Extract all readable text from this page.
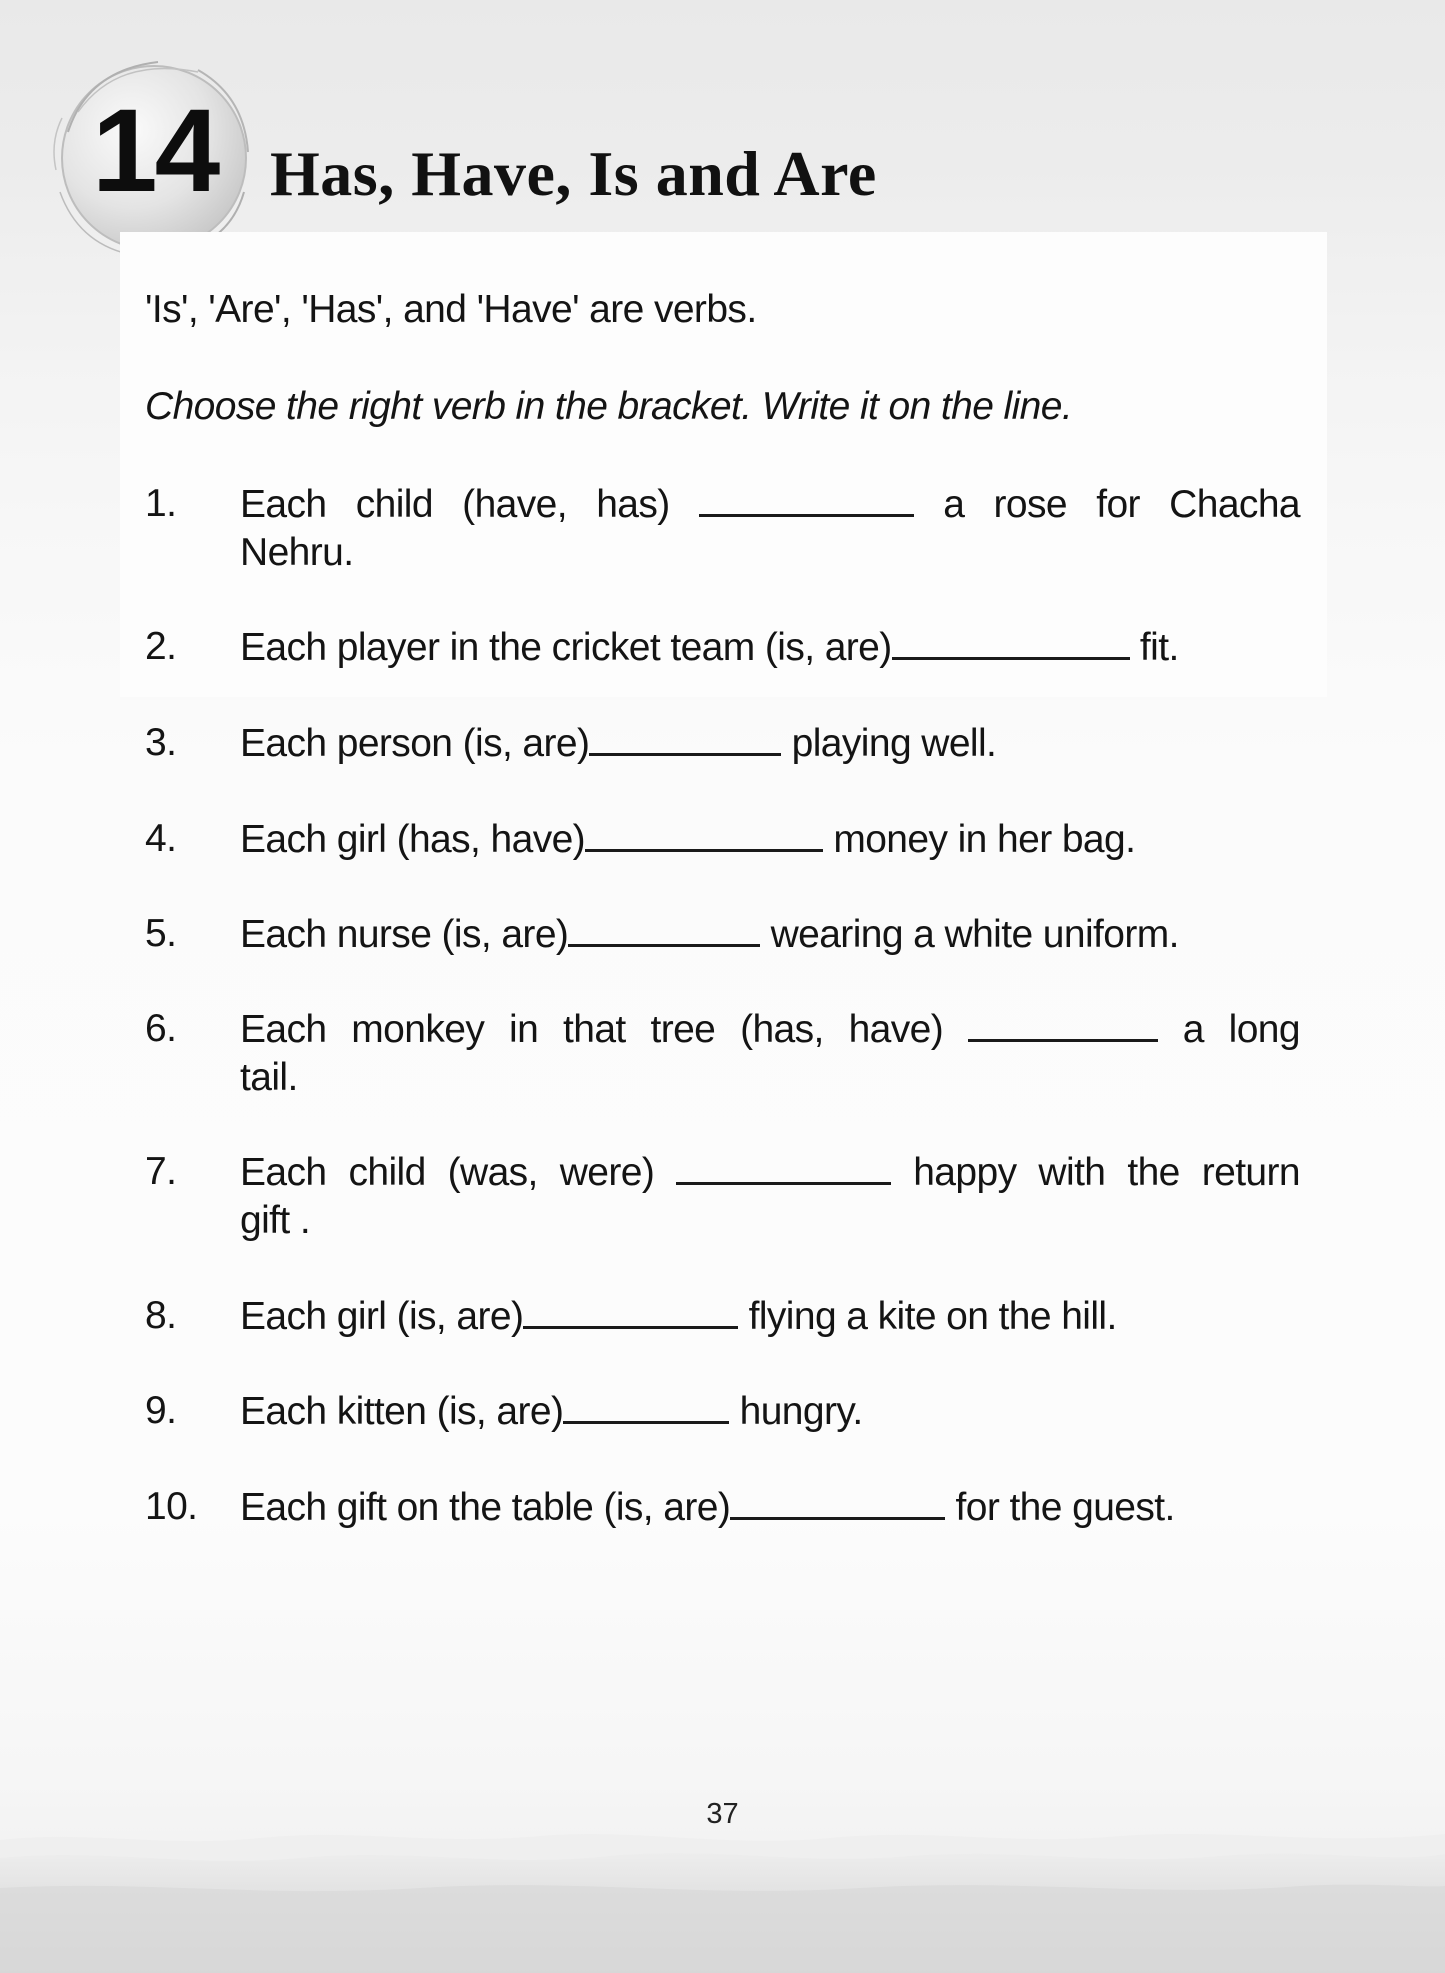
14 Has, Have, Is and Are
'Is', 'Are', 'Has', and 'Have' are verbs.
Choose the right verb in the bracket. Write it on the line.
1. Each child (have, has)	a rose for Chacha
Nehru.
2. Each player in the cricket team (is, are)	fit.
3. Each person (is, are)	playing well.
4. Each girl (has, have)	money in her bag.
5. Each nurse (is, are)	wearing a white uniform.
6. Each monkey in that tree (has, have)	a long
tail.
7. Each child (was, were)	happy with the return
gift .
8. Each girl (is, are)	flying a kite on the hill.
9. Each kitten (is, are)	hungry.
10. Each gift on the table (is, are)	for the guest.
37
